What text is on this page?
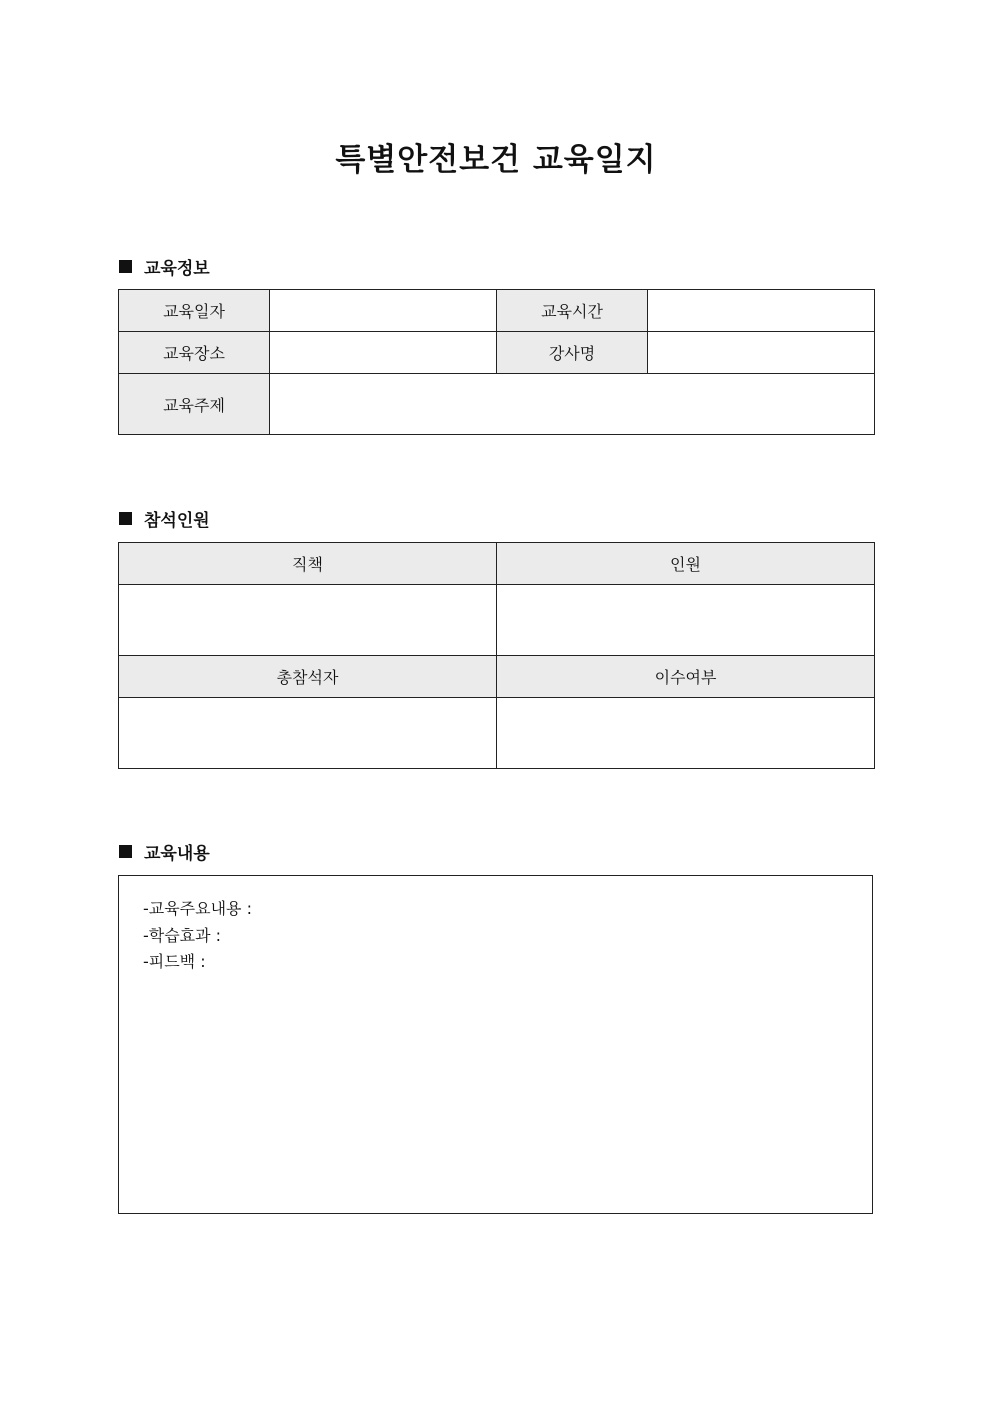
특별안전보건 교육일지
교육정보
교육일자		교육시간	
교육장소		강사명	
교육주제			
참석인원
직책	인원

총참석자	이수여부

교육내용
-교육주요내용 :
-학습효과 :
-피드백 :
